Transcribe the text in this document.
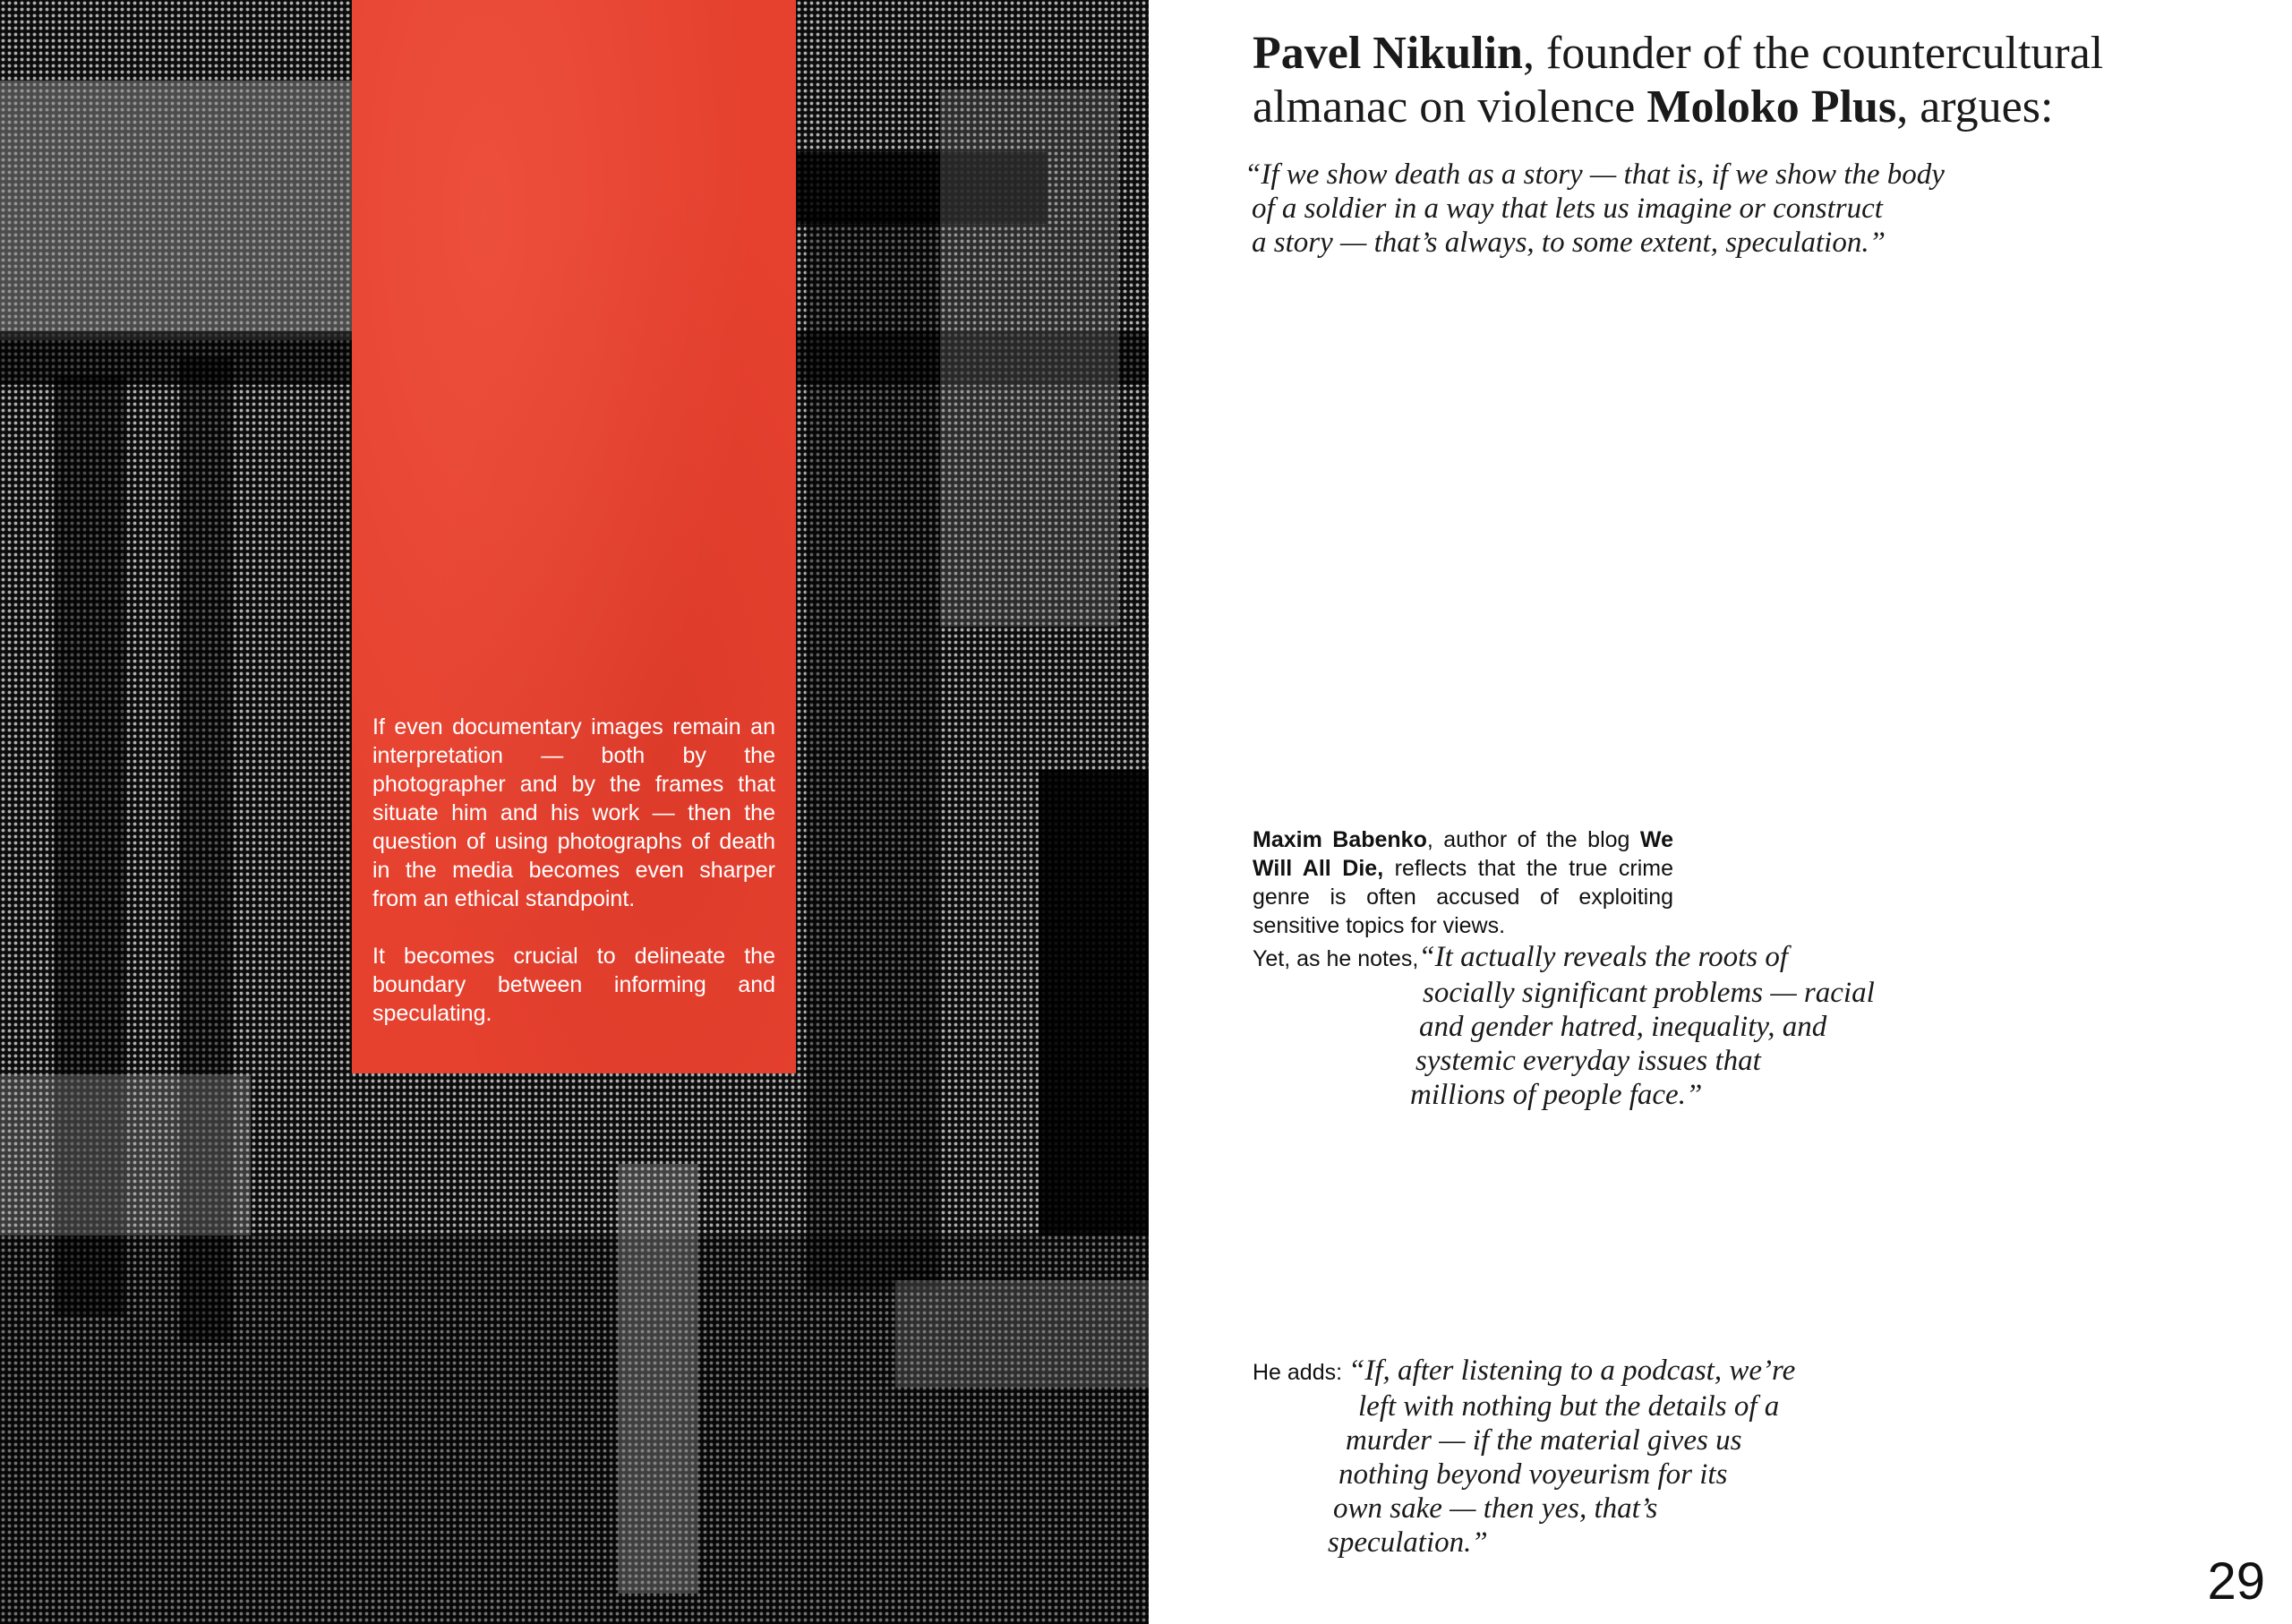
If even documentary images remain an interpretation — both by the photographer and by the frames that situate him and his work — then the question of using photographs of death in the media becomes even sharper from an ethical standpoint.

It becomes crucial to delineate the boundary between informing and speculating.

Pavel Nikulin, founder of the countercultural almanac on violence Moloko Plus, argues:
“If we show death as a story — that is, if we show the body
of a soldier in a way that lets us imagine or construct
a story — that’s always, to some extent, speculation.”

Maxim Babenko, author of the blog We Will All Die, reflects that the true crime genre is often accused of exploiting sensitive topics for views.

Yet, as he notes,“It actually reveals the roots of
socially significant problems — racial
and gender hatred, inequality, and
systemic everyday issues that
millions of people face.”
He adds: “If, after listening to a podcast, we’re
left with nothing but the details of a
murder — if the material gives us
nothing beyond voyeurism for its
own sake — then yes, that’s
speculation.”
29
